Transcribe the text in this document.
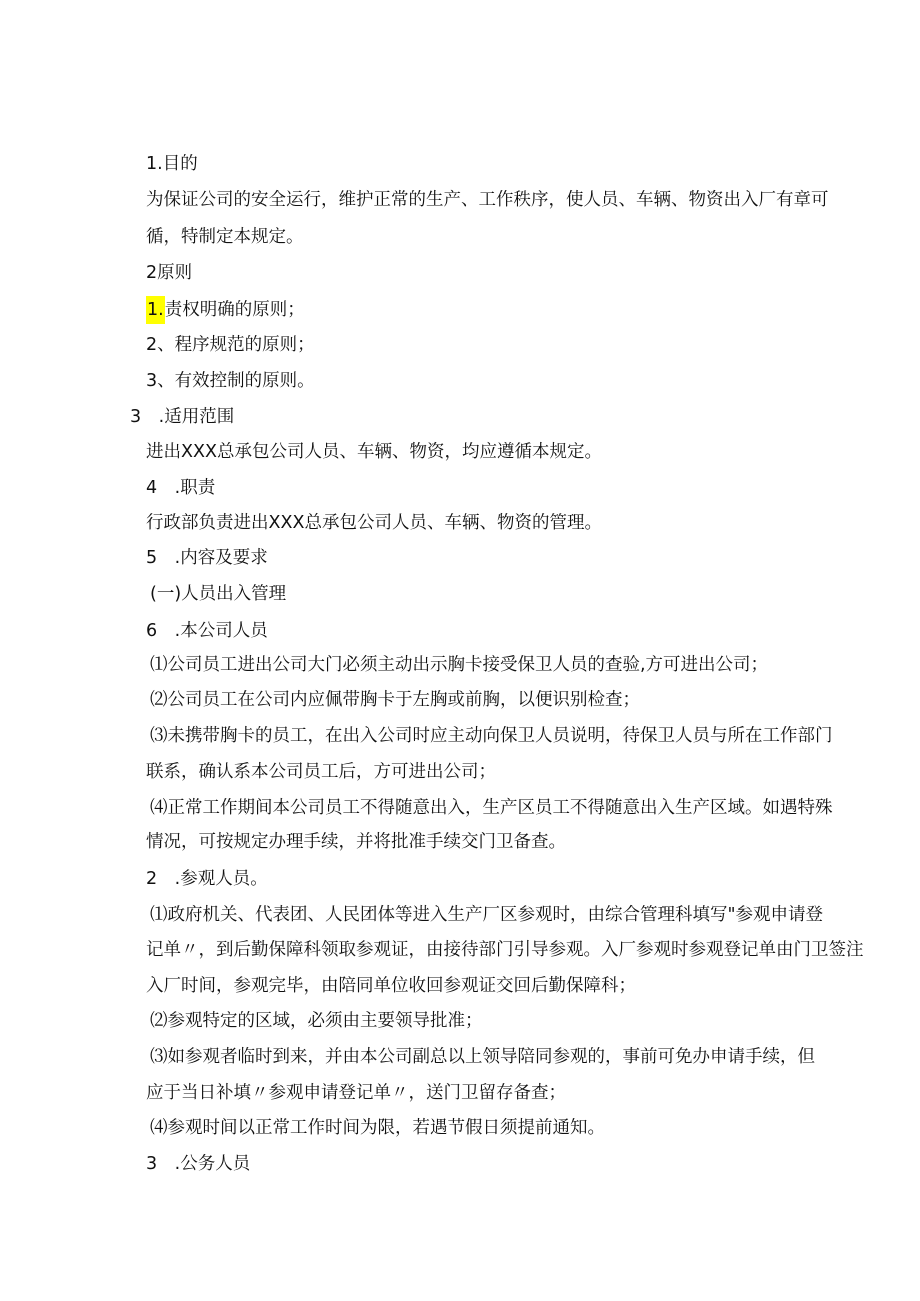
1.目的
为保证公司的安全运行，维护正常的生产、工作秩序，使人员、车辆、物资出入厂有章可
循，特制定本规定。
2原则
1.责权明确的原则；
2、程序规范的原则；
3、有效控制的原则。
3　.适用范围
进出XXX总承包公司人员、车辆、物资，均应遵循本规定。
4　.职责
行政部负责进出XXX总承包公司人员、车辆、物资的管理。
5　.内容及要求
(一)人员出入管理
6　.本公司人员
⑴公司员工进出公司大门必须主动出示胸卡接受保卫人员的查验,方可进出公司；
⑵公司员工在公司内应佩带胸卡于左胸或前胸，以便识别检查；
⑶未携带胸卡的员工，在出入公司时应主动向保卫人员说明，待保卫人员与所在工作部门
联系，确认系本公司员工后，方可进出公司；
⑷正常工作期间本公司员工不得随意出入，生产区员工不得随意出入生产区域。如遇特殊
情况，可按规定办理手续，并将批准手续交门卫备查。
2　.参观人员。
⑴政府机关、代表团、人民团体等进入生产厂区参观时，由综合管理科填写"参观申请登
记单〃，到后勤保障科领取参观证，由接待部门引导参观。入厂参观时参观登记单由门卫签注
入厂时间，参观完毕，由陪同单位收回参观证交回后勤保障科；
⑵参观特定的区域，必须由主要领导批准；
⑶如参观者临时到来，并由本公司副总以上领导陪同参观的，事前可免办申请手续，但
应于当日补填〃参观申请登记单〃，送门卫留存备查；
⑷参观时间以正常工作时间为限，若遇节假日须提前通知。
3　.公务人员
